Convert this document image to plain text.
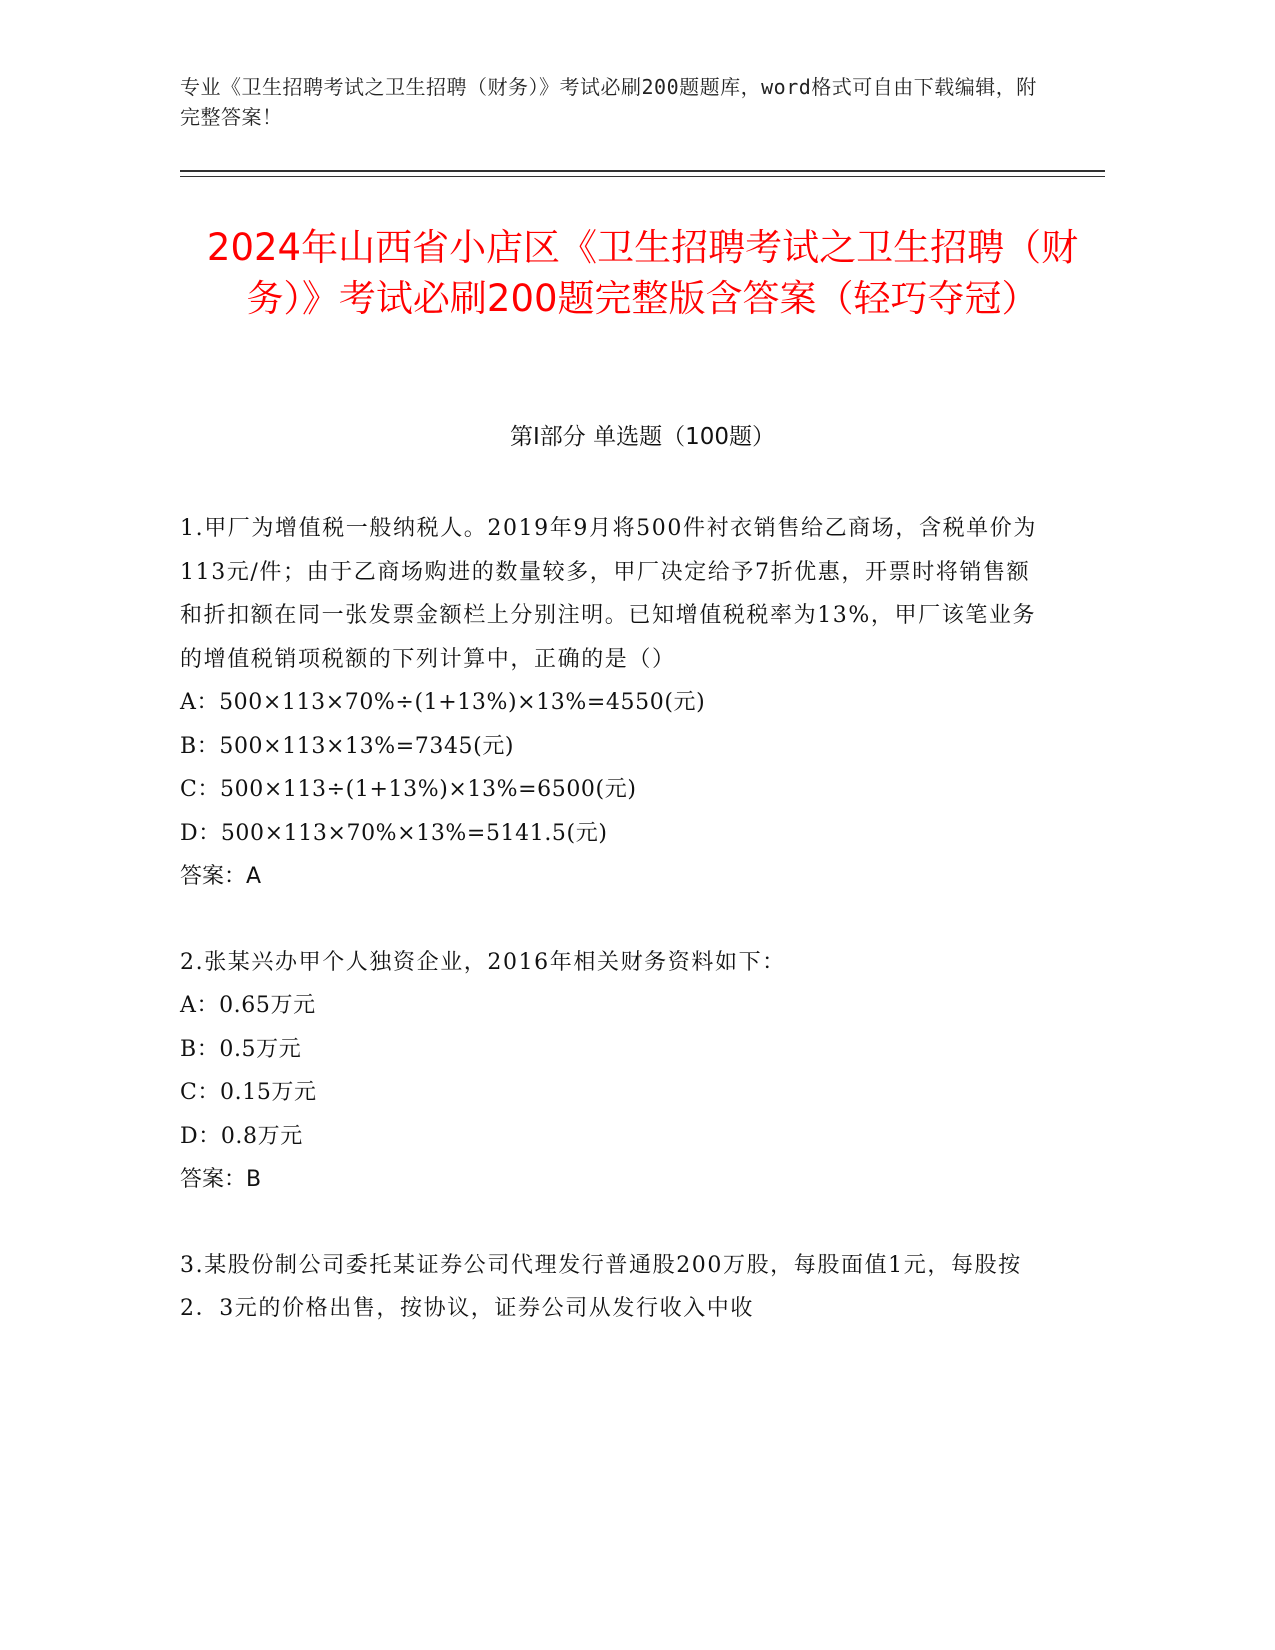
专业《卫生招聘考试之卫生招聘（财务）》考试必刷200题题库，word格式可自由下载编辑，附完整答案！
2024年山西省小店区《卫生招聘考试之卫生招聘（财务）》考试必刷200题完整版含答案（轻巧夺冠）
第I部分 单选题（100题）

1.甲厂为增值税一般纳税人。2019年9月将500件衬衣销售给乙商场，含税单价为113元/件；由于乙商场购进的数量较多，甲厂决定给予7折优惠，开票时将销售额和折扣额在同一张发票金额栏上分别注明。已知增值税税率为13%，甲厂该笔业务的增值税销项税额的下列计算中，正确的是（）

A：500×113×70%÷(1+13%)×13%=4550(元)

B：500×113×13%=7345(元)

C：500×113÷(1+13%)×13%=6500(元)

D：500×113×70%×13%=5141.5(元)

答案：A

2.张某兴办甲个人独资企业，2016年相关财务资料如下：

A：0.65万元

B：0.5万元

C：0.15万元

D：0.8万元

答案：B

3.某股份制公司委托某证券公司代理发行普通股200万股，每股面值1元，每股按2．3元的价格出售，按协议，证券公司从发行收入中收
